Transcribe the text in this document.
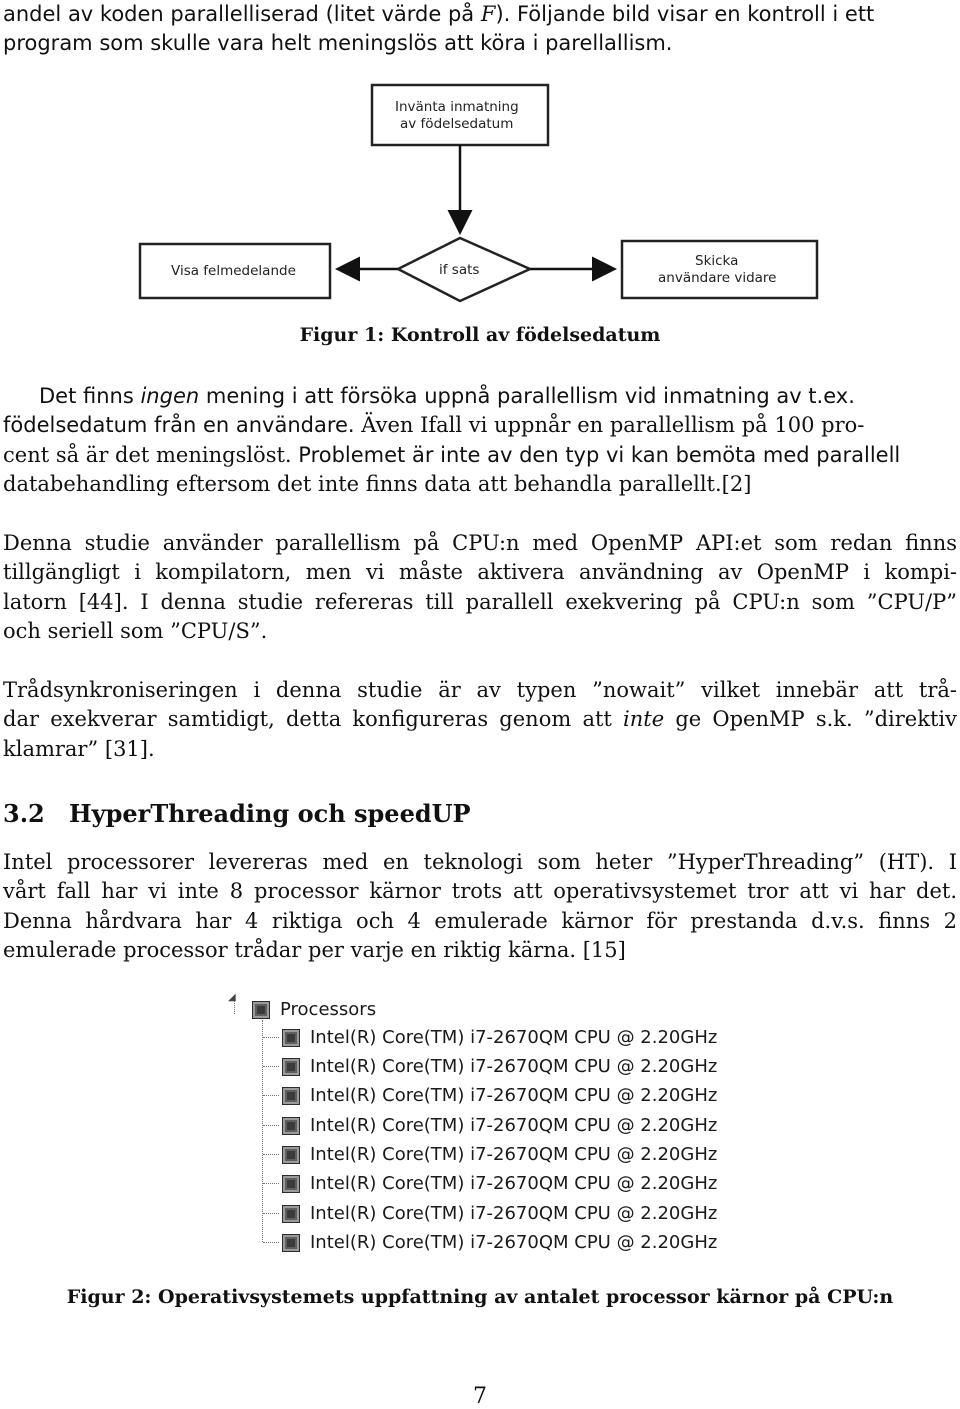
andel av koden parallelliserad (litet värde på F). Följande bild visar en kontroll i ett
program som skulle vara helt meningslös att köra i parellallism.
Inväntа inmatning
av födelsedatum
if sats
Visa felmedelande
Skicka
användare vidare
Figur 1: Kontroll av födelsedatum
Det finns ingen mening i att försöka uppnå parallellism vid inmatning av t.ex.
födelsedatum från en användare. Även Ifall vi uppnår en parallellism på 100 pro-
cent så är det meningslöst. Problemet är inte av den typ vi kan bemöta med parallell
databehandling eftersom det inte finns data att behandla parallellt.[2]
Denna studie använder parallellism på CPU:n med OpenMP API:et som redan finns
tillgängligt i kompilatorn, men vi måste aktivera användning av OpenMP i kompi-
latorn [44]. I denna studie refereras till parallell exekvering på CPU:n som ”CPU/P”
och seriell som ”CPU/S”.
Trådsynkroniseringen i denna studie är av typen ”nowait” vilket innebär att trå-
dar exekverar samtidigt, detta konfigureras genom att inte ge OpenMP s.k. ”direktiv
klamrar” [31].
3.2 HyperThreading och speedUP
Intel processorer levereras med en teknologi som heter ”HyperThreading” (HT). I
vårt fall har vi inte 8 processor kärnor trots att operativsystemet tror att vi har det.
Denna hårdvara har 4 riktiga och 4 emulerade kärnor för prestanda d.v.s. finns 2
emulerade processor trådar per varje en riktig kärna. [15]
◢
Processors
Intel(R) Core(TM) i7-2670QM CPU @ 2.20GHz
Intel(R) Core(TM) i7-2670QM CPU @ 2.20GHz
Intel(R) Core(TM) i7-2670QM CPU @ 2.20GHz
Intel(R) Core(TM) i7-2670QM CPU @ 2.20GHz
Intel(R) Core(TM) i7-2670QM CPU @ 2.20GHz
Intel(R) Core(TM) i7-2670QM CPU @ 2.20GHz
Intel(R) Core(TM) i7-2670QM CPU @ 2.20GHz
Intel(R) Core(TM) i7-2670QM CPU @ 2.20GHz
Figur 2: Operativsystemets uppfattning av antalet processor kärnor på CPU:n
7
